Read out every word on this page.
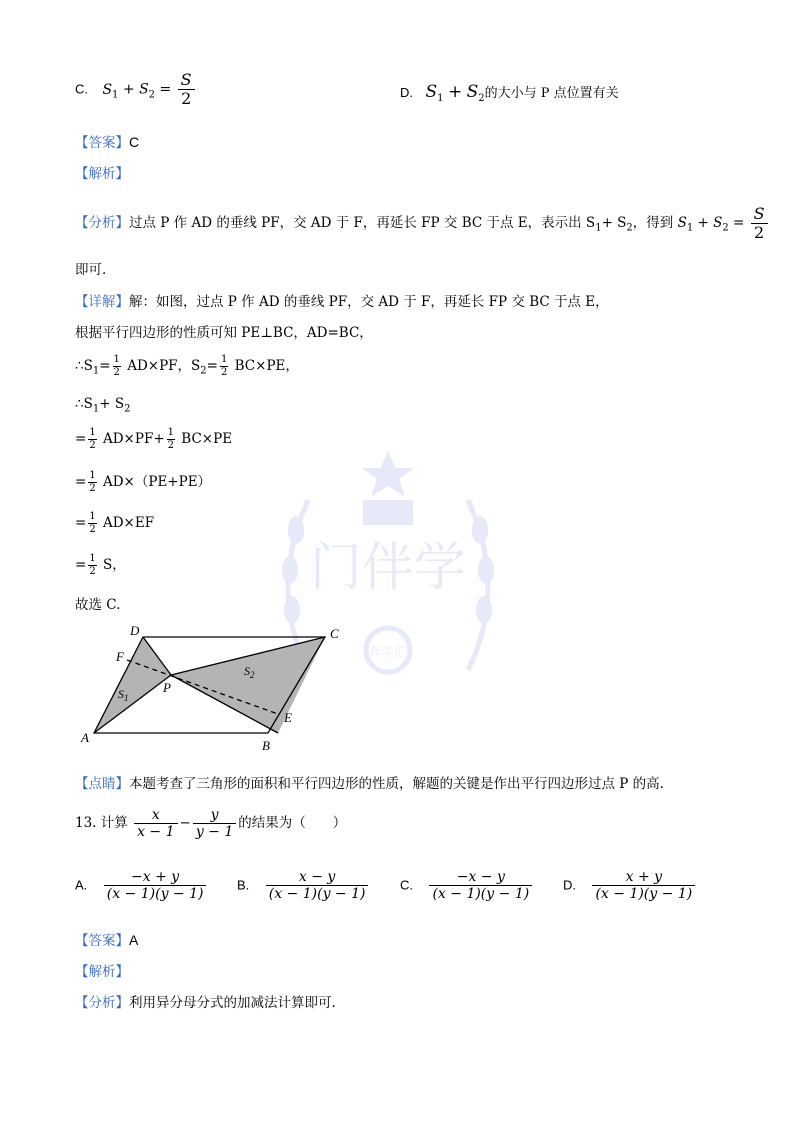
门伴学
伴学汇
C. $S_1 + S_2 = \frac{S}{2}$	D. $S_1 + S_2$的大小与 P 点位置有关
【答案】C
【解析】
【分析】过点 P 作 AD 的垂线 PF，交 AD 于 F，再延长 FP 交 BC 于点 E，表示出 $S_1+ S_2$，得到 $S_1 + S_2 = \frac{S}{2}$
即可.
【详解】解：如图，过点 P 作 AD 的垂线 PF，交 AD 于 F，再延长 FP 交 BC 于点 E，
根据平行四边形的性质可知 PE⊥BC，AD=BC，
$\therefore S_1= \frac{1}{2} AD\times PF$，$S_2= \frac{1}{2} BC\times PE$，
$\therefore S_1+ S_2$
= $\frac{1}{2} AD\times PF+ \frac{1}{2} BC\times PE$
= $\frac{1}{2} AD\times(PE+PE)$
= $\frac{1}{2} AD\times EF$
= $\frac{1}{2}$ S，
故选 C.
D	C
F
P
E
A
B
$S_1$
$S_2$
【点睛】本题考查了三角形的面积和平行四边形的性质，解题的关键是作出平行四边形过点 P 的高.
13. 计算 $\frac{x}{x - 1} - \frac{y}{y - 1}$ 的结果为（　　）
A. $\frac{-x + y}{(x - 1)(y - 1)} B$. $\frac{x - y}{(x - 1)(y - 1)} C$. $\frac{-x - y}{(x - 1)(y - 1)} D$. $\frac{x + y}{(x - 1)(y - 1)}$
【答案】A
【解析】
【分析】利用异分母分式的加减法计算即可.
